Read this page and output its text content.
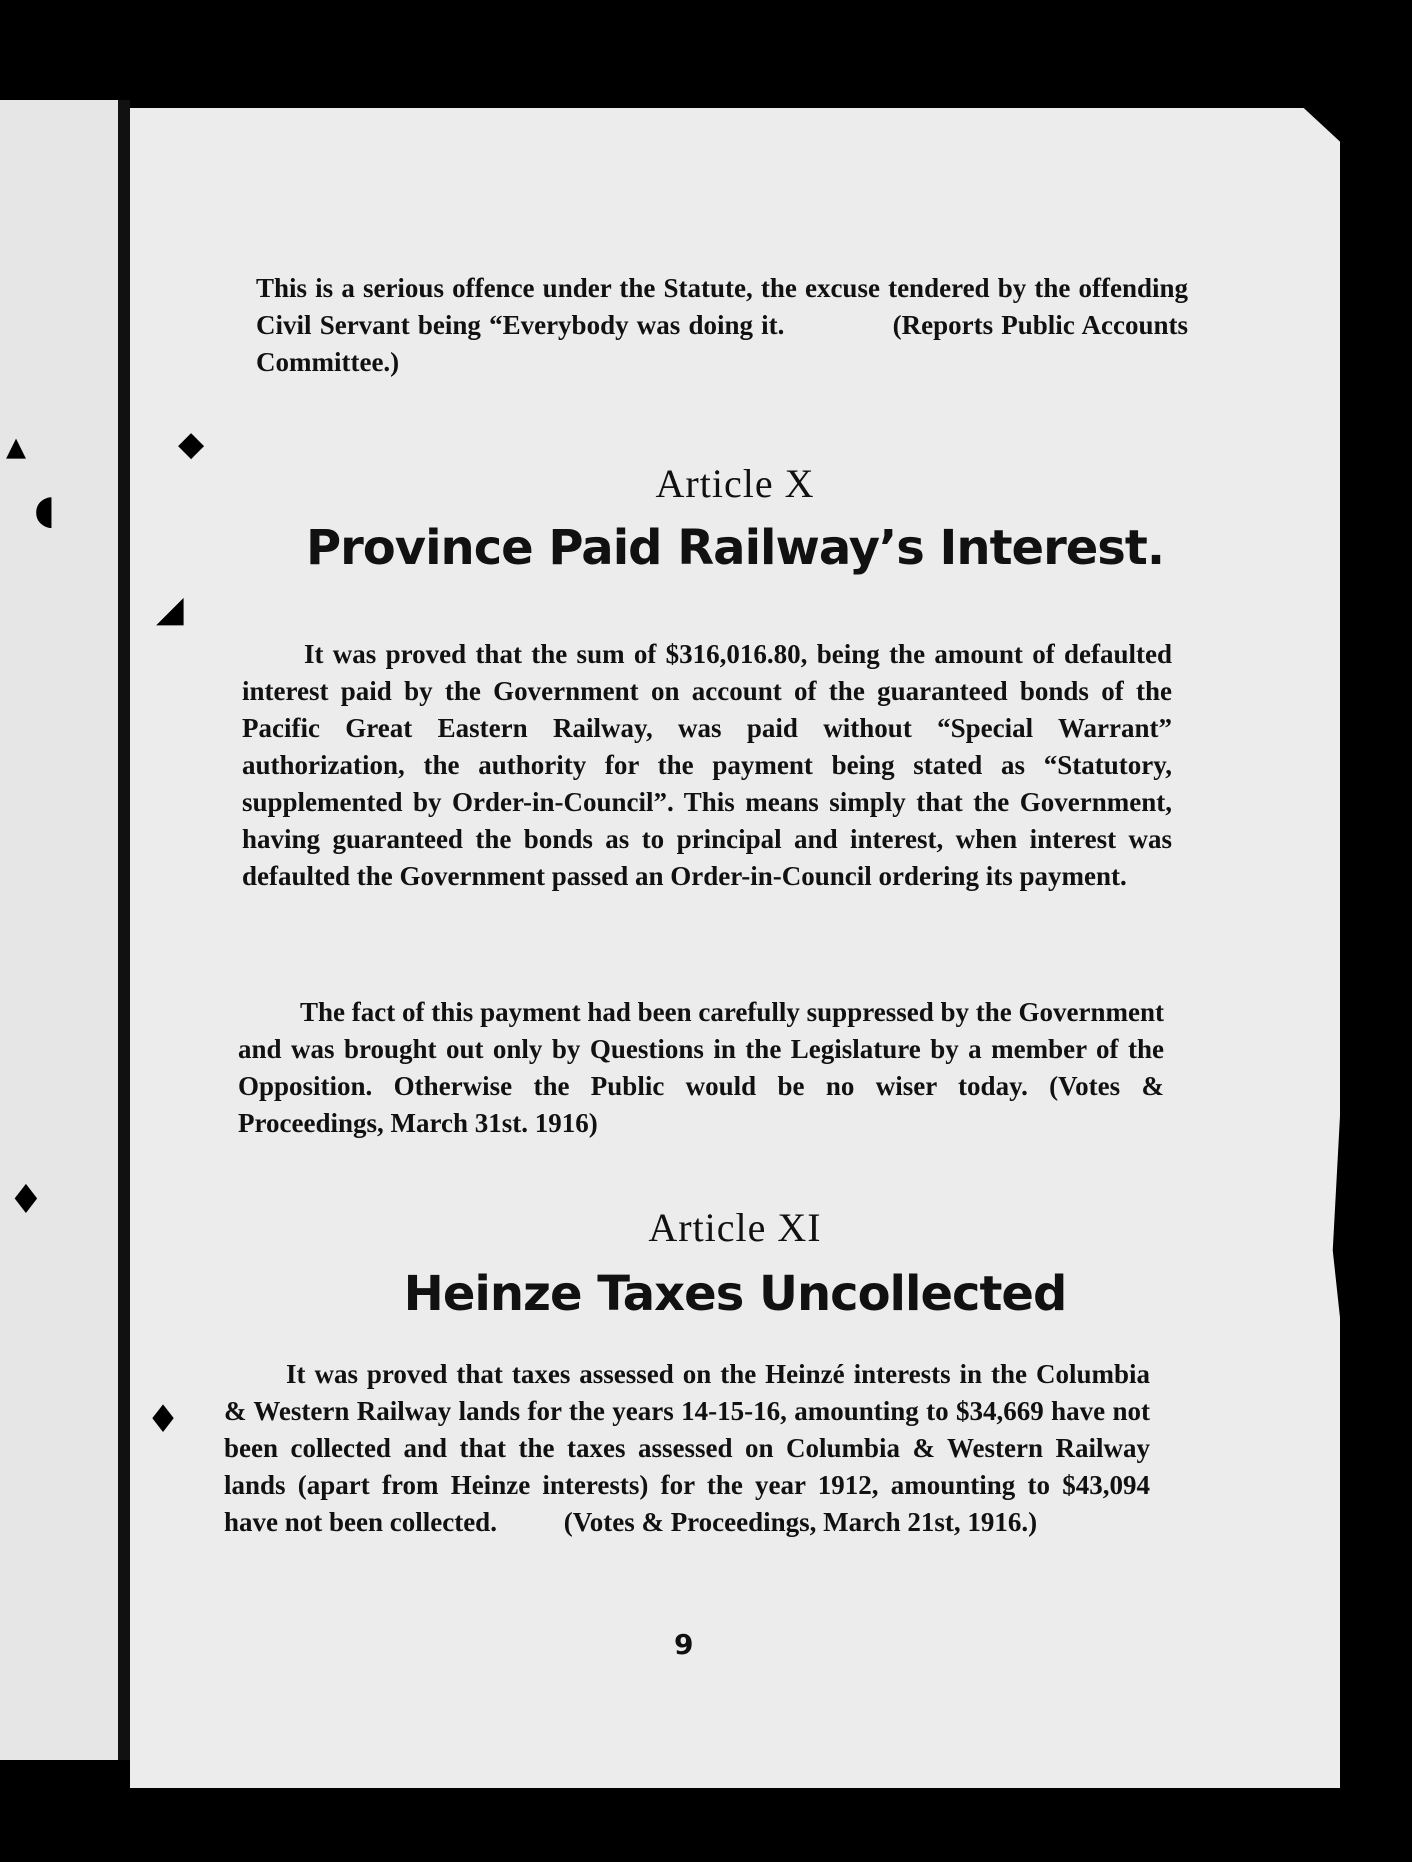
▴
◖
♦
◆
◢
♦
This is a serious offence under the Statute, the excuse tendered by the offending Civil Servant being “Everybody was doing it.	(Reports Public Accounts Committee.)
Article X
Province Paid Railway’s Interest.

It was proved that the sum of $316,016.80, being the amount of defaulted interest paid by the Government on account of the guaranteed bonds of the Pacific Great Eastern Railway, was paid without “Special Warrant” authorization, the authority for the payment being stated as “Statutory, supplemented by Order-in-Council”. This means simply that the Government, having guaranteed the bonds as to principal and interest, when interest was defaulted the Government passed an Order-in-Council ordering its payment.

The fact of this payment had been carefully suppressed by the Government and was brought out only by Questions in the Legislature by a member of the Opposition. Otherwise the Public would be no wiser today. (Votes & Proceedings, March 31st. 1916)

Article XI
Heinze Taxes Uncollected

It was proved that taxes assessed on the Heinzé interests in the Columbia & Western Railway lands for the years 14-15-16, amounting to $34,669 have not been collected and that the taxes assessed on Columbia & Western Railway lands (apart from Heinze interests) for the year 1912, amounting to $43,094 have not been collected. (Votes & Proceedings, March 21st, 1916.)

9
